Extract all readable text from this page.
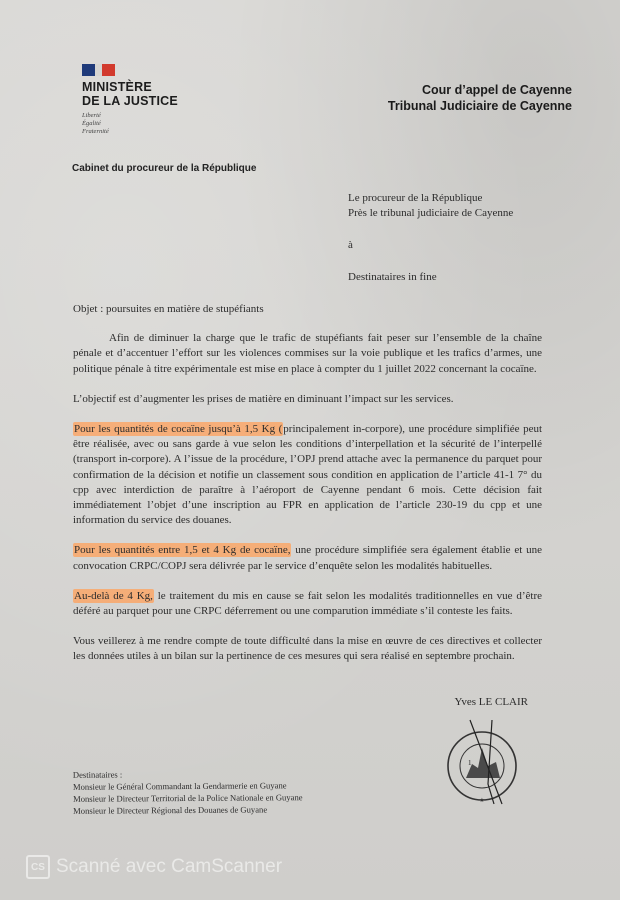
MINISTÈRE
DE LA JUSTICE
Liberté
Égalité
Fraternité
Cour d’appel de Cayenne
Tribunal Judiciaire de Cayenne
Cabinet du procureur de la République
Le procureur de la République
Près le tribunal judiciaire de Cayenne
à
Destinataires in fine

Objet : poursuites en matière de stupéfiants

Afin de diminuer la charge que le trafic de stupéfiants fait peser sur l’ensemble de la chaîne pénale et d’accentuer l’effort sur les violences commises sur la voie publique et les trafics d’armes, une politique pénale à titre expérimentale est mise en place à compter du 1 juillet 2022 concernant la cocaïne.

L’objectif est d’augmenter les prises de matière en diminuant l’impact sur les services.

Pour les quantités de cocaïne jusqu’à 1,5 Kg (principalement in-corpore), une procédure simplifiée peut être réalisée, avec ou sans garde à vue selon les conditions d’interpellation et la sécurité de l’interpellé (transport in-corpore). A l’issue de la procédure, l’OPJ prend attache avec la permanence du parquet pour confirmation de la décision et notifie un classement sous condition en application de l’article 41-1 7° du cpp avec interdiction de paraître à l’aéroport de Cayenne pendant 6 mois. Cette décision fait immédiatement l’objet d’une inscription au FPR en application de l’article 230-19 du cpp et une information du service des douanes.

Pour les quantités entre 1,5 et 4 Kg de cocaïne, une procédure simplifiée sera également établie et une convocation CRPC/COPJ sera délivrée par le service d’enquête selon les modalités habituelles.

Au-delà de 4 Kg, le traitement du mis en cause se fait selon les modalités traditionnelles en vue d’être déféré au parquet pour une CRPC déferrement ou une comparution immédiate s’il conteste les faits.

Vous veillerez à me rendre compte de toute difficulté dans la mise en œuvre de ces directives et collecter les données utiles à un bilan sur la pertinence de ces mesures qui sera réalisé en septembre prochain.

Yves LE CLAIR
1
★
Destinataires :
Monsieur le Général Commandant la Gendarmerie en Guyane
Monsieur le Directeur Territorial de la Police Nationale en Guyane
Monsieur le Directeur Régional des Douanes de Guyane
CS Scanné avec CamScanner
